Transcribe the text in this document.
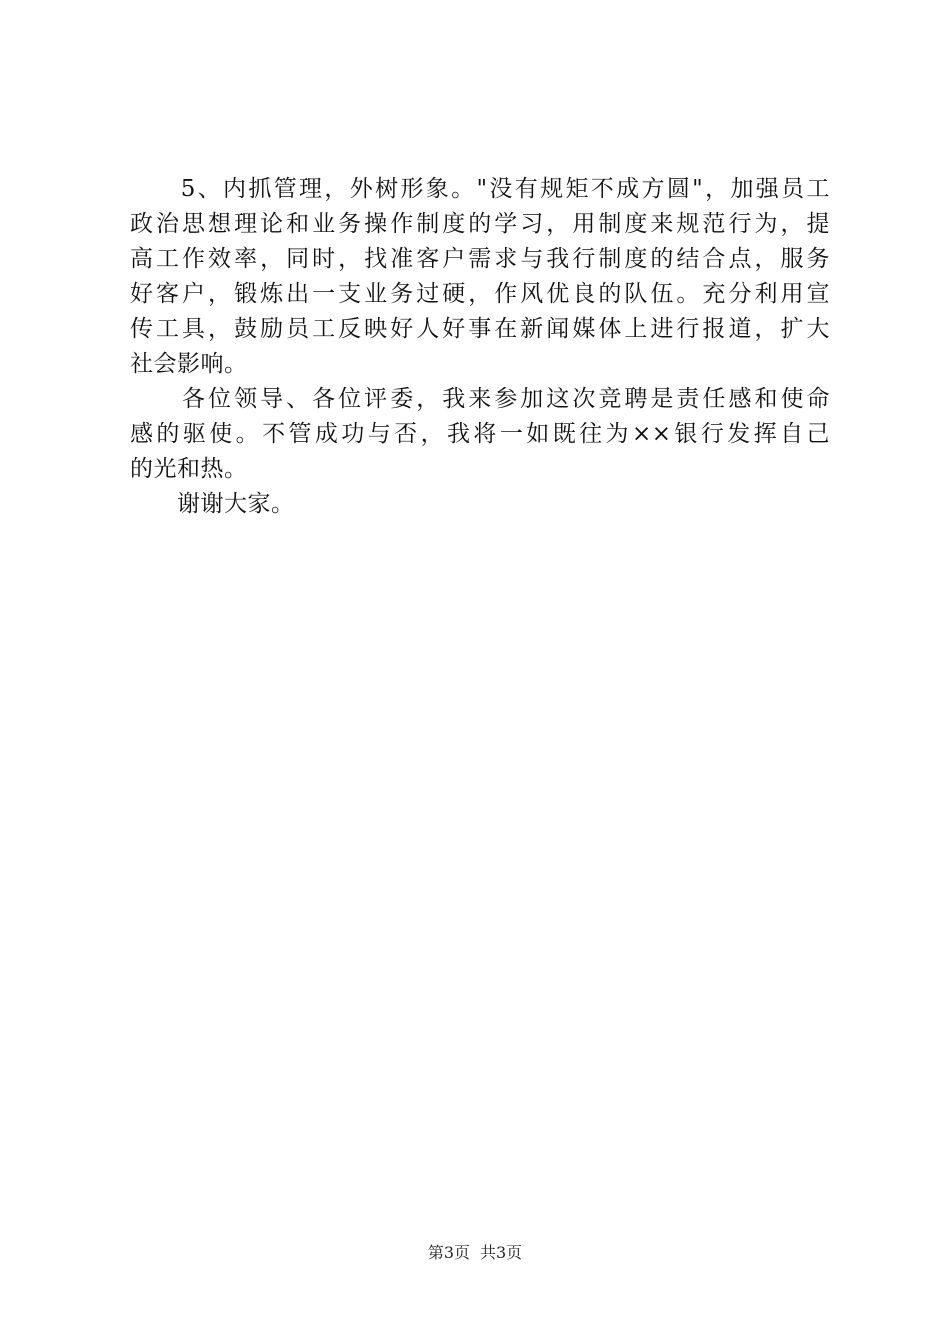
　　5、内抓管理，外树形象。"没有规矩不成方圆"，加强员工
政治思想理论和业务操作制度的学习，用制度来规范行为，提
高工作效率，同时，找准客户需求与我行制度的结合点，服务
好客户，锻炼出一支业务过硬，作风优良的队伍。充分利用宣
传工具，鼓励员工反映好人好事在新闻媒体上进行报道，扩大
社会影响。
　　各位领导、各位评委，我来参加这次竞聘是责任感和使命
感的驱使。不管成功与否，我将一如既往为××银行发挥自己
的光和热。
　　谢谢大家。
第3页 共3页
